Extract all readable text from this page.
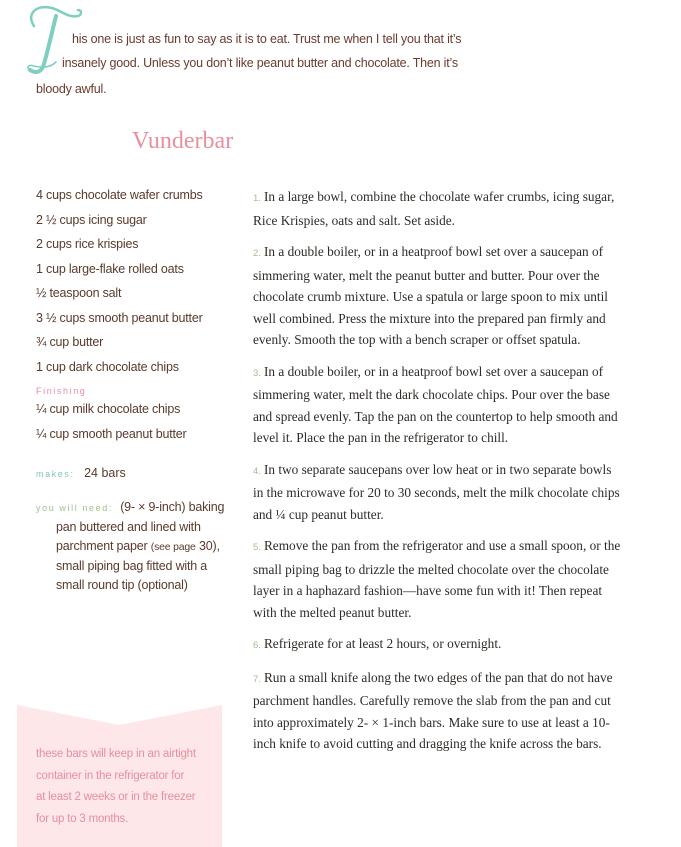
his one is just as fun to say as it is to eat. Trust me when I tell you that it’s
insanely good. Unless you don’t like peanut butter and chocolate. Then it’s
bloody awful.
Vunderbar
4 cups chocolate wafer crumbs
2 ½ cups icing sugar
2 cups rice krispies
1 cup large-flake rolled oats
½ teaspoon salt
3 ½ cups smooth peanut butter
¾ cup butter
1 cup dark chocolate chips
Finishing
¼ cup milk chocolate chips
¼ cup smooth peanut butter
makes: 24 bars
you will need: (9- × 9-inch) baking
pan buttered and lined with
parchment paper (see page 30),
small piping bag fitted with a
small round tip (optional)

1. In a large bowl, combine the chocolate wafer crumbs, icing sugar, Rice Krispies, oats and salt. Set aside.

2. In a double boiler, or in a heatproof bowl set over a saucepan of simmering water, melt the peanut butter and butter. Pour over the chocolate crumb mixture. Use a spatula or large spoon to mix until well combined. Press the mixture into the prepared pan firmly and evenly. Smooth the top with a bench scraper or offset spatula.

3. In a double boiler, or in a heatproof bowl set over a saucepan of simmering water, melt the dark chocolate chips. Pour over the base and spread evenly. Tap the pan on the countertop to help smooth and level it. Place the pan in the refrigerator to chill.

4. In two separate saucepans over low heat or in two separate bowls in the microwave for 20 to 30 seconds, melt the milk chocolate chips and ¼ cup peanut butter.

5. Remove the pan from the refrigerator and use a small spoon, or the small piping bag to drizzle the melted chocolate over the chocolate layer in a haphazard fashion—have some fun with it! Then repeat with the melted peanut butter.

6. Refrigerate for at least 2 hours, or overnight.

7. Run a small knife along the two edges of the pan that do not have parchment handles. Carefully remove the slab from the pan and cut into approximately 2- × 1-inch bars. Make sure to use at least a 10-inch knife to avoid cutting and dragging the knife across the bars.

these bars will keep in an airtight
container in the refrigerator for
at least 2 weeks or in the freezer
for up to 3 months.
